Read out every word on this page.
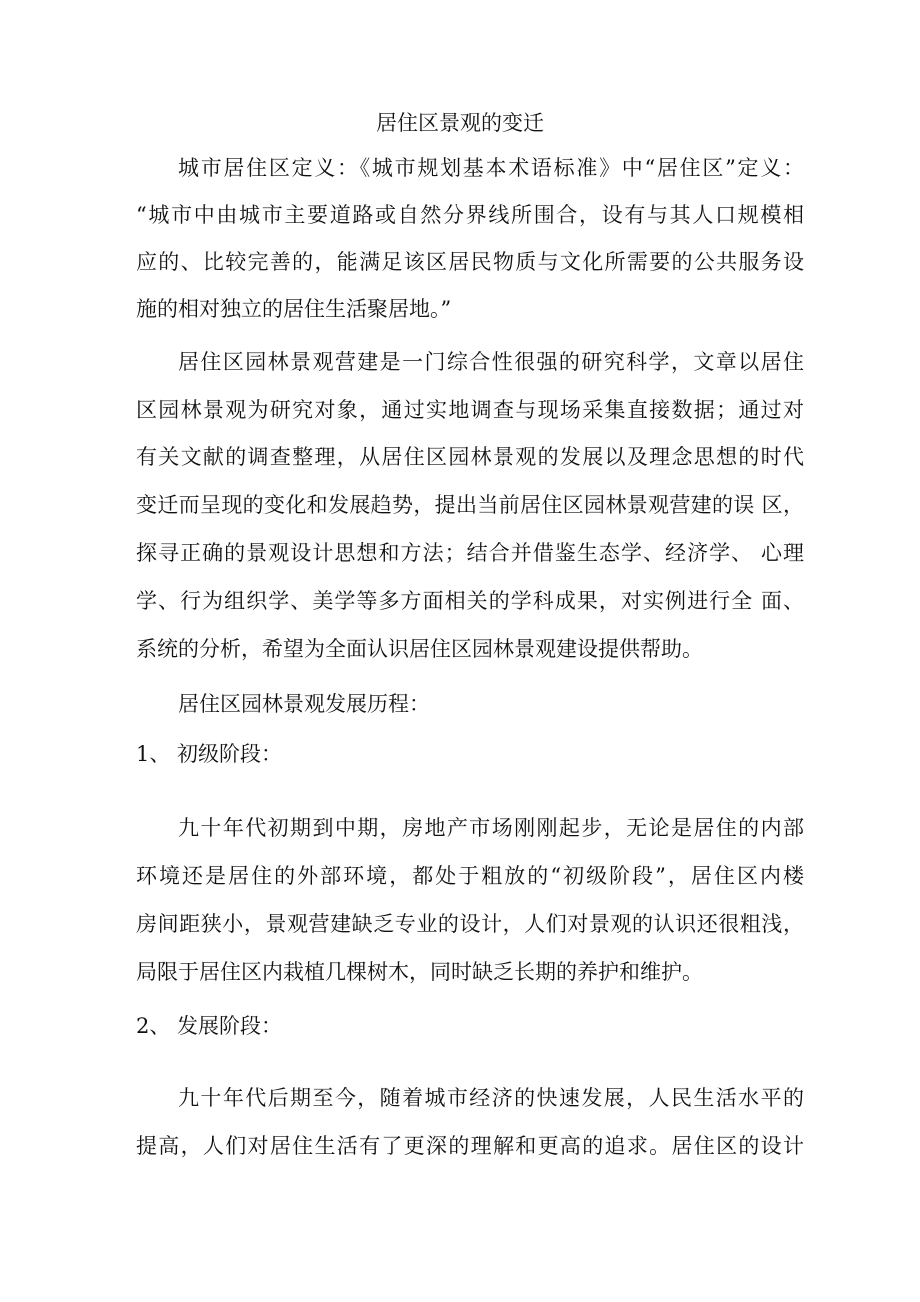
居住区景观的变迁
城市居住区定义：《城市规划基本术语标准》中“居住区”定义：
“城市中由城市主要道路或自然分界线所围合，设有与其人口规模相
应的、比较完善的，能满足该区居民物质与文化所需要的公共服务设
施的相对独立的居住生活聚居地。”
居住区园林景观营建是一门综合性很强的研究科学，文章以居住
区园林景观为研究对象，通过实地调查与现场采集直接数据；通过对
有关文献的调查整理，从居住区园林景观的发展以及理念思想的时代
变迁而呈现的变化和发展趋势，提出当前居住区园林景观营建的误 区，
探寻正确的景观设计思想和方法；结合并借鉴生态学、经济学、 心理
学、行为组织学、美学等多方面相关的学科成果，对实例进行全 面、
系统的分析，希望为全面认识居住区园林景观建设提供帮助。
居住区园林景观发展历程：
1、 初级阶段：
九十年代初期到中期，房地产市场刚刚起步，无论是居住的内部
环境还是居住的外部环境，都处于粗放的“初级阶段”，居住区内楼
房间距狭小，景观营建缺乏专业的设计，人们对景观的认识还很粗浅，
局限于居住区内栽植几棵树木，同时缺乏长期的养护和维护。
2、 发展阶段：
九十年代后期至今，随着城市经济的快速发展，人民生活水平的
提高，人们对居住生活有了更深的理解和更高的追求。居住区的设计
